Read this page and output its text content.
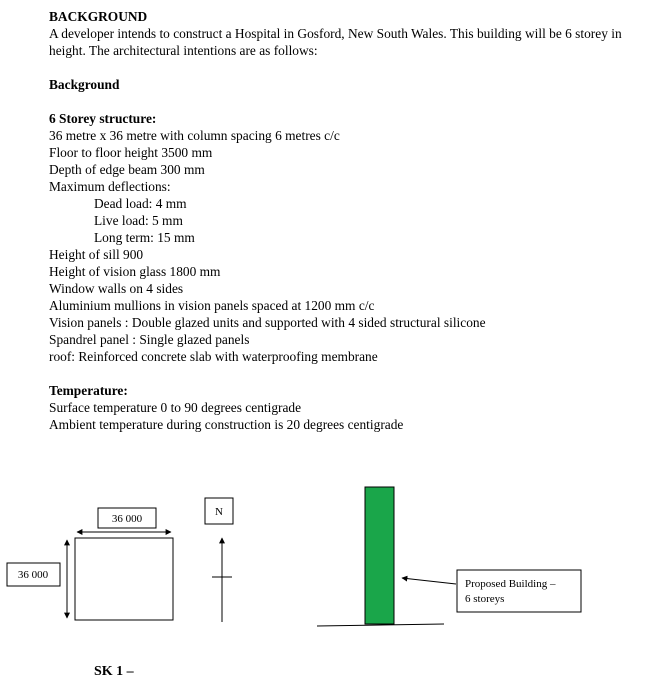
BACKGROUND

A developer intends to construct a Hospital in Gosford, New South Wales. This building will be 6 storey in height. The architectural intentions are as follows:

Background

6 Storey structure:

36 metre x 36 metre with column spacing 6 metres c/c

Floor to floor height 3500 mm

Depth of edge beam 300 mm

Maximum deflections:

Dead load: 4 mm

Live load: 5 mm

Long term: 15 mm

Height of sill 900

Height of vision glass 1800 mm

Window walls on 4 sides

Aluminium mullions in vision panels spaced at 1200 mm c/c

Vision panels : Double glazed units and supported with 4 sided structural silicone

Spandrel panel : Single glazed panels

roof: Reinforced concrete slab with waterproofing membrane

Temperature:

Surface temperature 0 to 90 degrees centigrade

Ambient temperature during construction is 20 degrees centigrade

36 000
36 000
N
Proposed Building –
6 storeys
SK 1 –
